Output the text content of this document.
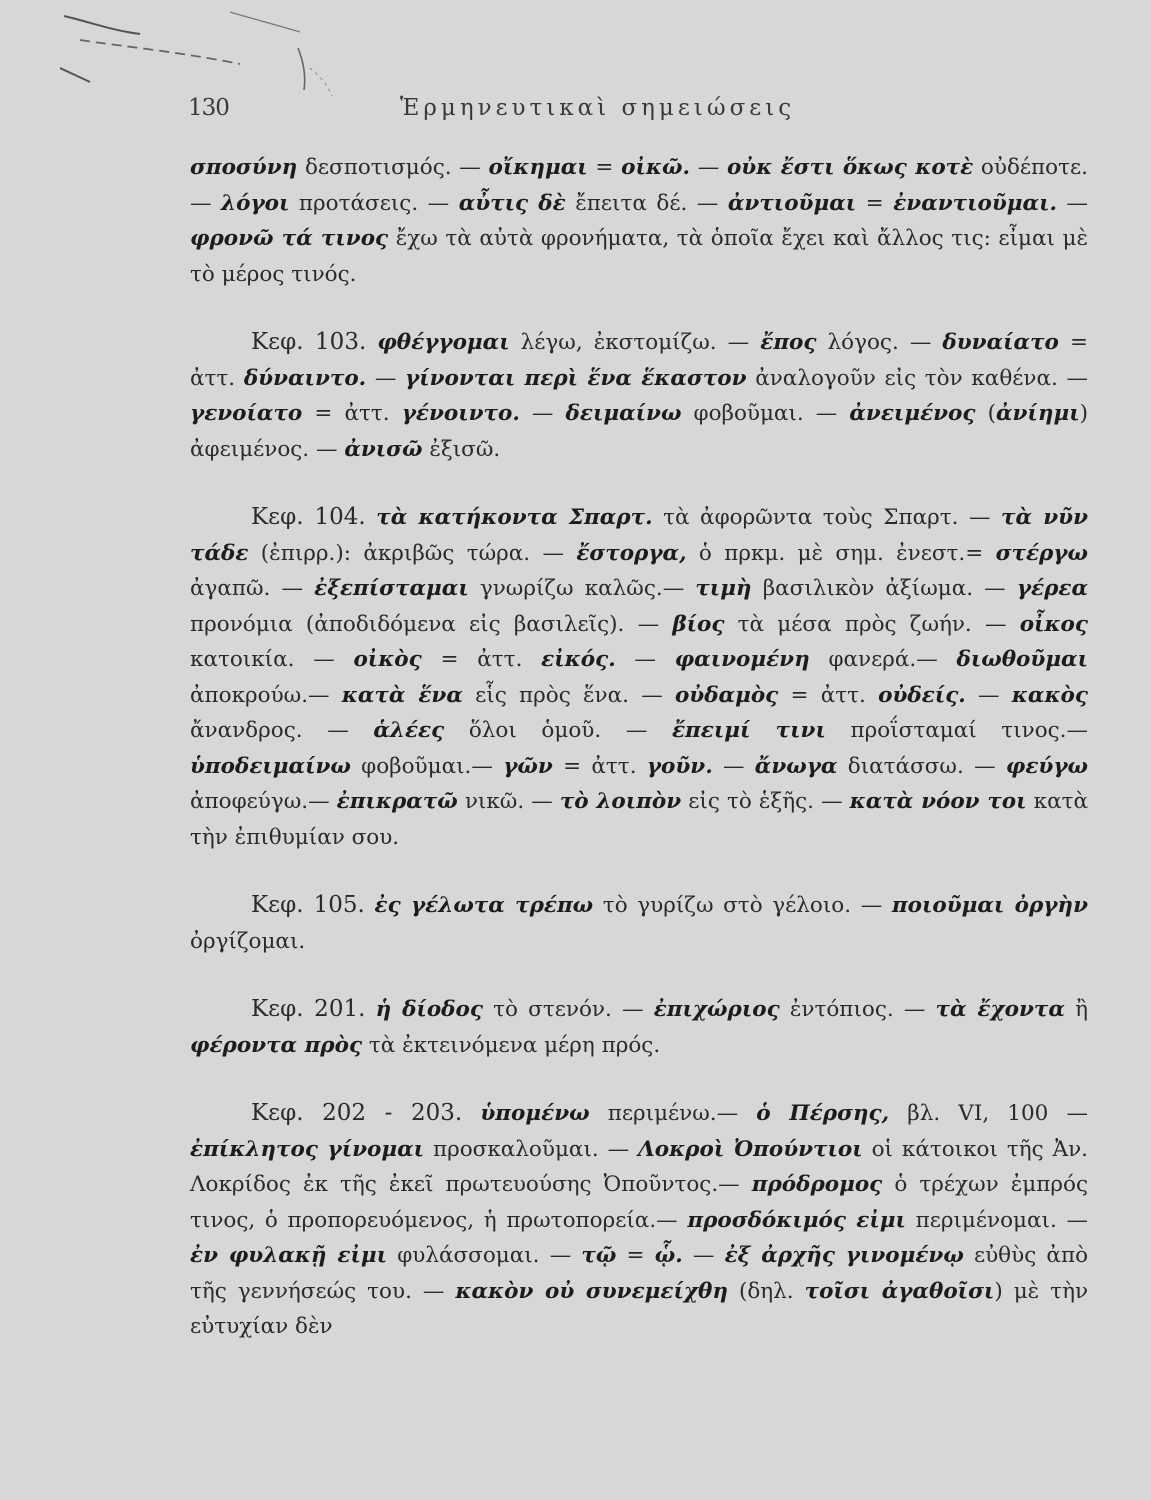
130	Ἑρμηνευτικαὶ σημειώσεις

σποσύνη δεσποτισμός. — οἴκημαι = οἰκῶ. — οὐκ ἔστι ὅκως κοτὲ οὐδέποτε. — λόγοι προτάσεις. — αὖτις δὲ ἔπειτα δέ. — ἀντιοῦμαι = ἐναντιοῦμαι. — φρονῶ τά τινος ἔχω τὰ αὐτὰ φρονήματα, τὰ ὁποῖα ἔχει καὶ ἄλλος τις: εἶμαι μὲ τὸ μέρος τινός.

Κεφ. 103. φθέγγομαι λέγω, ἐκστομίζω. — ἔπος λόγος. — δυναίατο = ἀττ. δύναιντο. — γίνονται περὶ ἕνα ἕκαστον ἀναλογοῦν εἰς τὸν καθένα. — γενοίατο = ἀττ. γένοιντο. — δειμαίνω φοβοῦμαι. — ἀνειμένος (ἀνίημι) ἀφειμένος. — ἀνισῶ ἐξισῶ.

Κεφ. 104. τὰ κατήκοντα Σπαρτ. τὰ ἀφορῶντα τοὺς Σπαρτ. — τὰ νῦν τάδε (ἐπιρρ.): ἀκριβῶς τώρα. — ἔστοργα, ὁ πρκμ. μὲ σημ. ἐνεστ.= στέργω ἀγαπῶ. — ἐξεπίσταμαι γνωρίζω καλῶς.— τιμὴ βασιλικὸν ἀξίωμα. — γέρεα προνόμια (ἀποδιδόμενα εἰς βασιλεῖς). — βίος τὰ μέσα πρὸς ζωήν. — οἶκος κατοικία. — οἰκὸς = ἀττ. εἰκός. — φαινομένη φανερά.— διωθοῦμαι ἀποκρούω.— κατὰ ἕνα εἷς πρὸς ἕνα. — οὐδαμὸς = ἀττ. οὐδείς. — κακὸς ἄνανδρος. — ἁλέες ὅλοι ὁμοῦ. — ἔπειμί τινι προΐσταμαί τινος.— ὑποδειμαίνω φοβοῦμαι.— γῶν = ἀττ. γοῦν. — ἄνωγα διατάσσω. — φεύγω ἀποφεύγω.— ἐπικρατῶ νικῶ. — τὸ λοιπὸν εἰς τὸ ἑξῆς. — κατὰ νόον τοι κατὰ τὴν ἐπιθυμίαν σου.

Κεφ. 105. ἐς γέλωτα τρέπω τὸ γυρίζω στὸ γέλοιο. — ποιοῦμαι ὀργὴν ὀργίζομαι.

Κεφ. 201. ἡ δίοδος τὸ στενόν. — ἐπιχώριος ἐντόπιος. — τὰ ἔχοντα ἢ φέροντα πρὸς τὰ ἐκτεινόμενα μέρη πρός.

Κεφ. 202 - 203. ὑπομένω περιμένω.— ὁ Πέρσης, βλ. VI, 100 — ἐπίκλητος γίνομαι προσκαλοῦμαι. — Λοκροὶ Ὀπούντιοι οἱ κάτοικοι τῆς Ἀν. Λοκρίδος ἐκ τῆς ἐκεῖ πρωτευούσης Ὀποῦντος.— πρόδρομος ὁ τρέχων ἐμπρός τινος, ὁ προπορευόμενος, ἡ πρωτοπορεία.— προσδόκιμός εἰμι περιμένομαι. — ἐν φυλακῇ εἰμι φυλάσσομαι. — τῷ = ᾧ. — ἐξ ἀρχῆς γινομένῳ εὐθὺς ἀπὸ τῆς γεννήσεώς του. — κακὸν οὐ συνεμείχθη (δηλ. τοῖσι ἀγαθοῖσι) μὲ τὴν εὐτυχίαν δὲν
